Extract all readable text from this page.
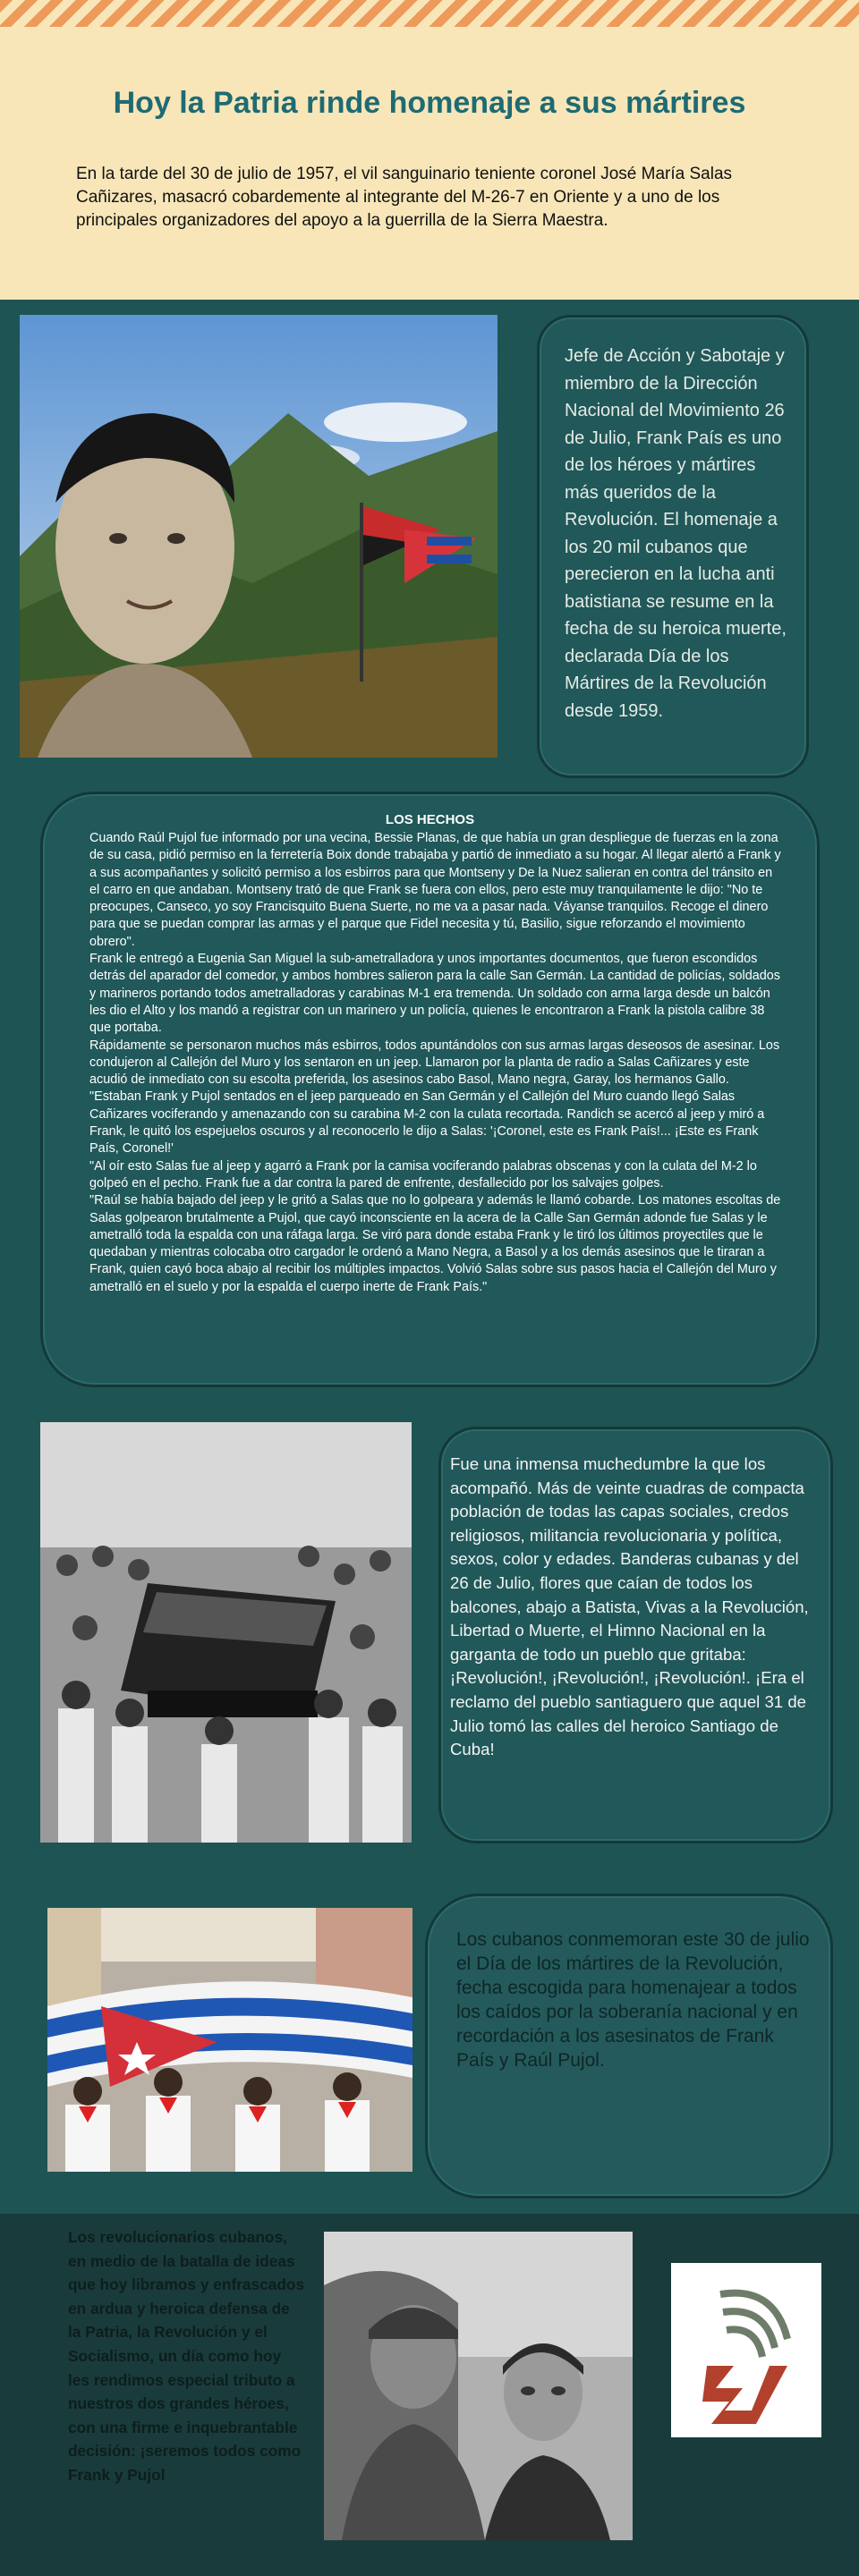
Hoy la Patria rinde homenaje a sus mártires

En la tarde del 30 de julio de 1957, el vil sanguinario teniente coronel José María Salas Cañizares, masacró cobardemente al integrante del M-26-7 en Oriente y a uno de los principales organizadores del apoyo a la guerrilla de la Sierra Maestra.

Jefe de Acción y Sabotaje y miembro de la Dirección Nacional del Movimiento 26 de Julio, Frank País es uno de los héroes y mártires más queridos de la Revolución. El homenaje a los 20 mil cubanos que perecieron en la lucha anti batistiana se resume en la fecha de su heroica muerte, declarada Día de los Mártires de la Revolución desde 1959.

LOS HECHOS

Cuando Raúl Pujol fue informado por una vecina, Bessie Planas, de que había un gran despliegue de fuerzas en la zona de su casa, pidió permiso en la ferretería Boix donde trabajaba y partió de inmediato a su hogar. Al llegar alertó a Frank y a sus acompañantes y solicitó permiso a los esbirros para que Montseny y De la Nuez salieran en contra del tránsito en el carro en que andaban. Montseny trató de que Frank se fuera con ellos, pero este muy tranquilamente le dijo: "No te preocupes, Canseco, yo soy Francisquito Buena Suerte, no me va a pasar nada. Váyanse tranquilos. Recoge el dinero para que se puedan comprar las armas y el parque que Fidel necesita y tú, Basilio, sigue reforzando el movimiento obrero".
Frank le entregó a Eugenia San Miguel la sub-ametralladora y unos importantes documentos, que fueron escondidos detrás del aparador del comedor, y ambos hombres salieron para la calle San Germán. La cantidad de policías, soldados y marineros portando todos ametralladoras y carabinas M-1 era tremenda. Un soldado con arma larga desde un balcón les dio el Alto y los mandó a registrar con un marinero y un policía, quienes le encontraron a Frank la pistola calibre 38 que portaba.
Rápidamente se personaron muchos más esbirros, todos apuntándolos con sus armas largas deseosos de asesinar. Los condujeron al Callejón del Muro y los sentaron en un jeep. Llamaron por la planta de radio a Salas Cañizares y este acudió de inmediato con su escolta preferida, los asesinos cabo Basol, Mano negra, Garay, los hermanos Gallo.
"Estaban Frank y Pujol sentados en el jeep parqueado en San Germán y el Callejón del Muro cuando llegó Salas Cañizares vociferando y amenazando con su carabina M-2 con la culata recortada. Randich se acercó al jeep y miró a Frank, le quitó los espejuelos oscuros y al reconocerlo le dijo a Salas: '¡Coronel, este es Frank País!... ¡Este es Frank País, Coronel!'
"Al oír esto Salas fue al jeep y agarró a Frank por la camisa vociferando palabras obscenas y con la culata del M-2 lo golpeó en el pecho. Frank fue a dar contra la pared de enfrente, desfallecido por los salvajes golpes.
"Raúl se había bajado del jeep y le gritó a Salas que no lo golpeara y además le llamó cobarde. Los matones escoltas de Salas golpearon brutalmente a Pujol, que cayó inconsciente en la acera de la Calle San Germán adonde fue Salas y le ametralló toda la espalda con una ráfaga larga. Se viró para donde estaba Frank y le tiró los últimos proyectiles que le quedaban y mientras colocaba otro cargador le ordenó a Mano Negra, a Basol y a los demás asesinos que le tiraran a Frank, quien cayó boca abajo al recibir los múltiples impactos. Volvió Salas sobre sus pasos hacia el Callejón del Muro y ametralló en el suelo y por la espalda el cuerpo inerte de Frank País."

Fue una inmensa muchedumbre la que los acompañó. Más de veinte cuadras de compacta población de todas las capas sociales, credos religiosos, militancia revolucionaria y política, sexos, color y edades. Banderas cubanas y del 26 de Julio, flores que caían de todos los balcones, abajo a Batista, Vivas a la Revolución, Libertad o Muerte, el Himno Nacional en la garganta de todo un pueblo que gritaba: ¡Revolución!, ¡Revolución!, ¡Revolución!. ¡Era el reclamo del pueblo santiaguero que aquel 31 de Julio tomó las calles del heroico Santiago de Cuba!

Los cubanos conmemoran este 30 de julio el Día de los mártires de la Revolución, fecha escogida para homenajear a todos los caídos por la soberanía nacional y en recordación a los asesinatos de Frank País y Raúl Pujol.

Los revolucionarios cubanos, en medio de la batalla de ideas que hoy libramos y enfrascados en ardua y heroica defensa de la Patria, la Revolución y el Socialismo, un día como hoy les rendimos especial tributo a nuestros dos grandes héroes, con una firme e inquebrantable decisión: ¡seremos todos como Frank y Pujol
